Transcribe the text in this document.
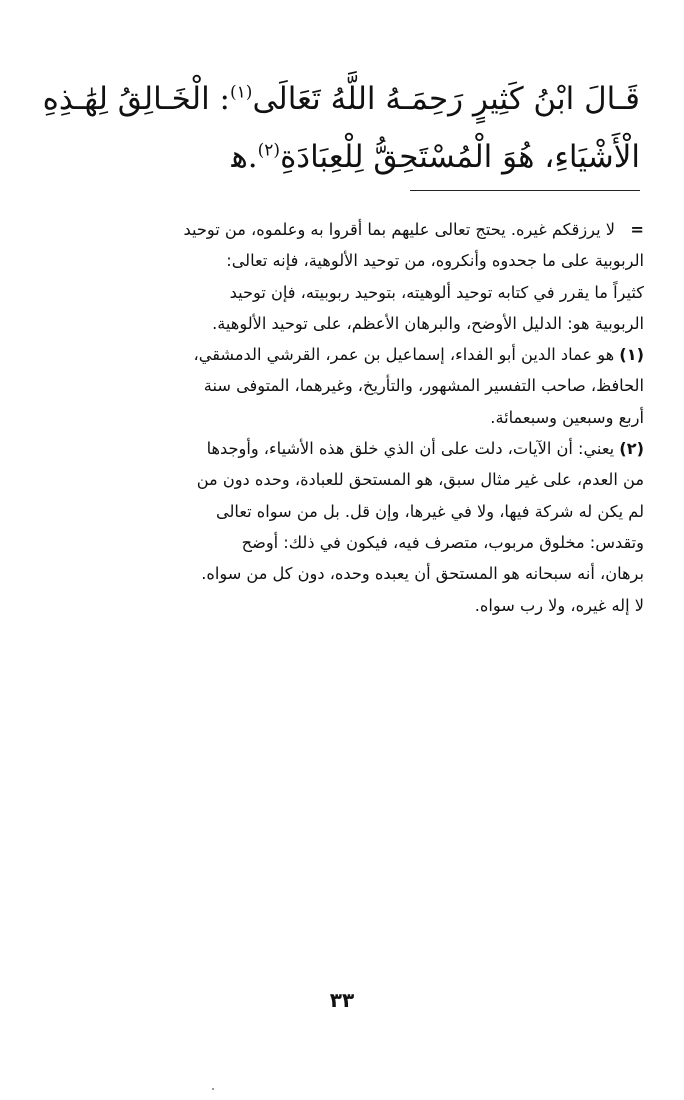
قَـالَ ابْنُ كَثِيرٍ رَحِمَـهُ اللَّهُ تَعَالَى$^{(١)}$: الْخَـالِقُ لِهَٰـذِهِ
الْأَشْيَاءِ، هُوَ الْمُسْتَحِقُّ لِلْعِبَادَةِ$^{(٢)}$.ﻫ
=   لا يرزقكم غيره. يحتج تعالى عليهم بما أقروا به وعلموه، من توحيد
الربوبية على ما جحدوه وأنكروه، من توحيد الألوهية، فإنه تعالى:
كثيراً ما يقرر في كتابه توحيد ألوهيته، بتوحيد ربوبيته، فإن توحيد
الربوبية هو: الدليل الأوضح، والبرهان الأعظم، على توحيد الألوهية.
(١) هو عماد الدين أبو الفداء، إسماعيل بن عمر، القرشي الدمشقي،
الحافظ، صاحب التفسير المشهور، والتأريخ، وغيرهما، المتوفى سنة
أربع وسبعين وسبعمائة.
(٢) يعني: أن الآيات، دلت على أن الذي خلق هذه الأشياء، وأوجدها
من العدم، على غير مثال سبق، هو المستحق للعبادة، وحده دون من
لم يكن له شركة فيها، ولا في غيرها، وإن قل. بل من سواه تعالى
وتقدس: مخلوق مربوب، متصرف فيه، فيكون في ذلك: أوضح
برهان، أنه سبحانه هو المستحق أن يعبده وحده، دون كل من سواه.
لا إله غيره، ولا رب سواه.
٣٣
